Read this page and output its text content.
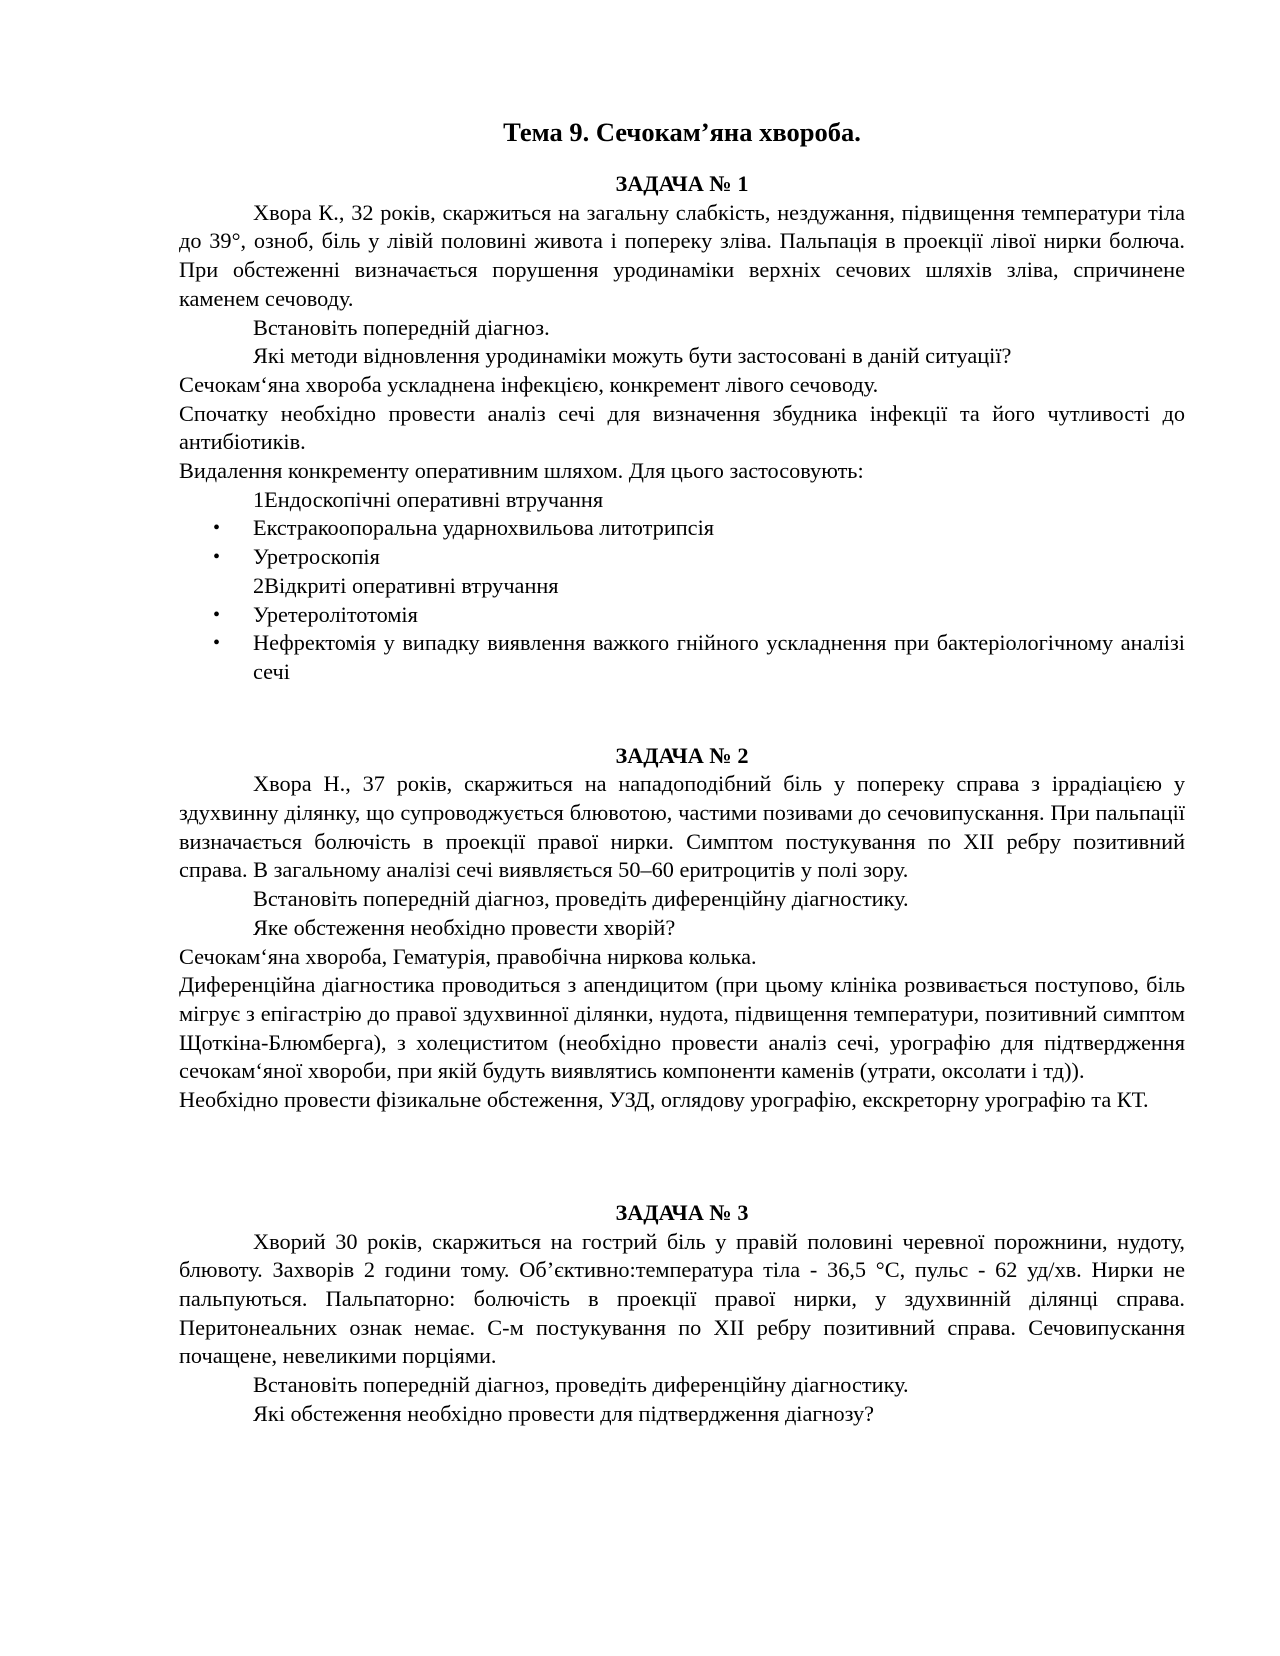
Тема 9. Сечокам’яна хвороба.
ЗАДАЧА № 1

Хвора К., 32 років, скаржиться на загальну слабкість, нездужання, підвищення температури тіла до 39°, озноб, біль у лівій половині живота і попереку зліва. Пальпація в проекції лівої нирки болюча. При обстеженні визначається порушення уродинаміки верхніх сечових шляхів зліва, спричинене каменем сечоводу.

Встановіть попередній діагноз.

Які методи відновлення уродинаміки можуть бути застосовані в даній ситуації?

Сечокам‘яна хвороба ускладнена інфекцією, конкремент лівого сечоводу.

Спочатку необхідно провести аналіз сечі для визначення збудника інфекції та його чутливості до антибіотиків.

Видалення конкременту оперативним шляхом. Для цього застосовують:

1Ендоскопічні оперативні втручання
• Екстракоопоральна ударнохвильова литотрипсія
• Уретроскопія
2Відкриті оперативні втручання
• Уретеролітотомія
• Нефректомія у випадку виявлення важкого гнійного ускладнення при бактеріологічному аналізі сечі
ЗАДАЧА № 2

Хвора Н., 37 років, скаржиться на нападоподібний біль у попереку справа з іррадіацією у здухвинну ділянку, що супроводжується блювотою, частими позивами до сечовипускання. При пальпації визначається болючість в проекції правої нирки. Симптом постукування по XII ребру позитивний справа. В загальному аналізі сечі виявляється 50–60 еритроцитів у полі зору.

Встановіть попередній діагноз, проведіть диференційну діагностику.

Яке обстеження необхідно провести хворій?

Сечокам‘яна хвороба, Гематурія, правобічна ниркова колька.

Диференційна діагностика проводиться з апендицитом (при цьому клініка розвивається поступово, біль мігрує з епігастрію до правої здухвинної ділянки, нудота, підвищення температури, позитивний симптом Щоткіна-Блюмберга), з холециститом (необхідно провести аналіз сечі, урографію для підтвердження сечокам‘яної хвороби, при якій будуть виявлятись компоненти каменів (утрати, оксолати і тд)).

Необхідно провести фізикальне обстеження, УЗД, оглядову урографію, екскреторну урографію та КТ.

ЗАДАЧА № 3

Хворий 30 років, скаржиться на гострий біль у правій половині черевної порожнини, нудоту, блювоту. Захворів 2 години тому. Об’єктивно:температура тіла - 36,5 °С, пульс - 62 уд/хв. Нирки не пальпуються. Пальпаторно: болючість в проекції правої нирки, у здухвинній ділянці справа. Перитонеальних ознак немає. С-м постукування по XII ребру позитивний справа. Сечовипускання почащене, невеликими порціями.

Встановіть попередній діагноз, проведіть диференційну діагностику.

Які обстеження необхідно провести для підтвердження діагнозу?
